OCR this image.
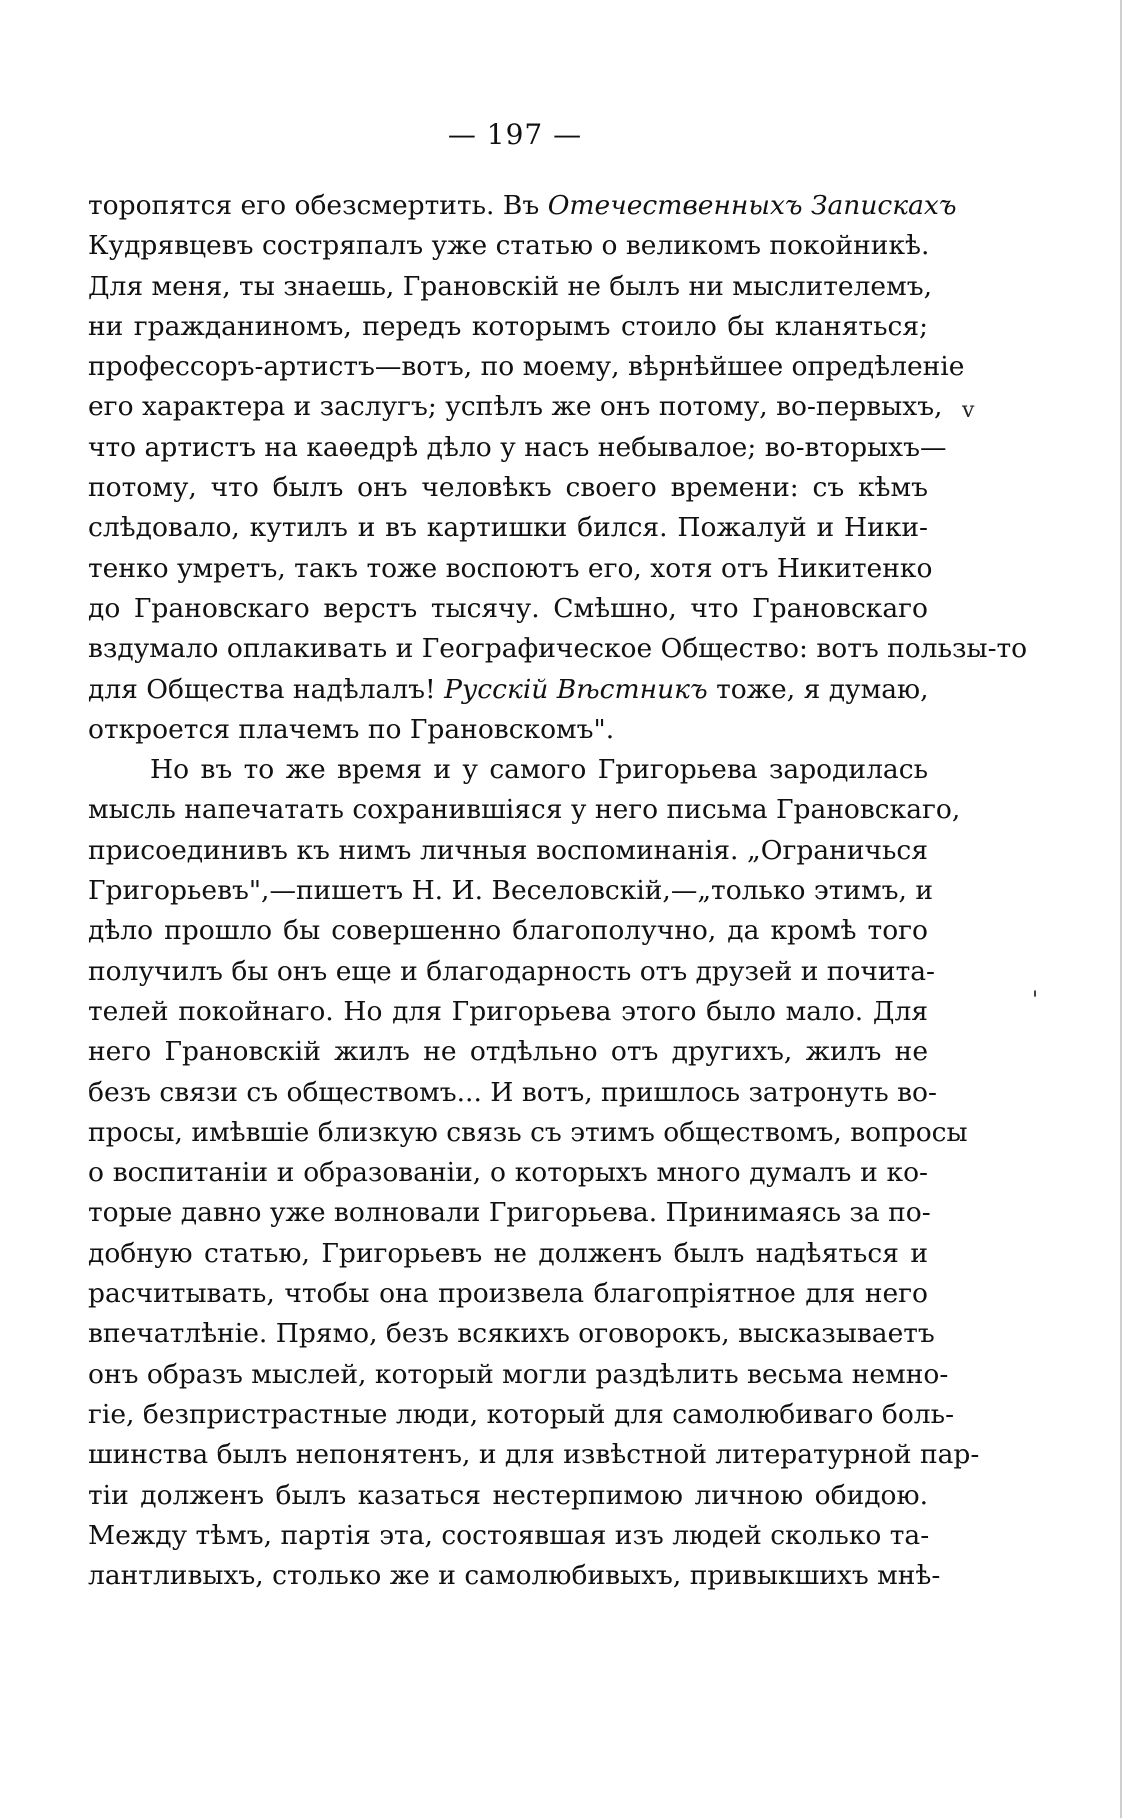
— 197 —
торопятся его обезсмертить. Въ Отечественныхъ Запискахъ
Кудрявцевъ состряпалъ уже статью о великомъ покойникѣ.
Для меня, ты знаешь, Грановскій не былъ ни мыслителемъ,
ни гражданиномъ, передъ которымъ стоило бы кланяться;
профессоръ-артистъ—вотъ, по моему, вѣрнѣйшее опредѣленіе
его характера и заслугъ; успѣлъ же онъ потому, во-первыхъ,
что артистъ на каѳедрѣ дѣло у насъ небывалое; во-вторыхъ—
потому, что былъ онъ человѣкъ своего времени: съ кѣмъ
слѣдовало, кутилъ и въ картишки бился. Пожалуй и Ники-
тенко умретъ, такъ тоже воспоютъ его, хотя отъ Никитенко
до Грановскаго верстъ тысячу. Смѣшно, что Грановскаго
вздумало оплакивать и Географическое Общество: вотъ пользы-то
для Общества надѣлалъ! Русскій Вѣстникъ тоже, я думаю,
откроется плачемъ по Грановскомъ".
Но въ то же время и у самого Григорьева зародилась
мысль напечатать сохранившіяся у него письма Грановскаго,
присоединивъ къ нимъ личныя воспоминанія. „Ограничься
Григорьевъ",—пишетъ Н. И. Веселовскій,—„только этимъ, и
дѣло прошло бы совершенно благополучно, да кромѣ того
получилъ бы онъ еще и благодарность отъ друзей и почита-
телей покойнаго. Но для Григорьева этого было мало. Для
него Грановскій жилъ не отдѣльно отъ другихъ, жилъ не
безъ связи съ обществомъ... И вотъ, пришлось затронуть во-
просы, имѣвшіе близкую связь съ этимъ обществомъ, вопросы
о воспитаніи и образованіи, о которыхъ много думалъ и ко-
торые давно уже волновали Григорьева. Принимаясь за по-
добную статью, Григорьевъ не долженъ былъ надѣяться и
расчитывать, чтобы она произвела благопріятное для него
впечатлѣніе. Прямо, безъ всякихъ оговорокъ, высказываетъ
онъ образъ мыслей, который могли раздѣлить весьма немно-
гіе, безпристрастные люди, который для самолюбиваго боль-
шинства былъ непонятенъ, и для извѣстной литературной пар-
тіи долженъ былъ казаться нестерпимою личною обидою.
Между тѣмъ, партія эта, состоявшая изъ людей сколько та-
лантливыхъ, столько же и самолюбивыхъ, привыкшихъ мнѣ-
v
'
